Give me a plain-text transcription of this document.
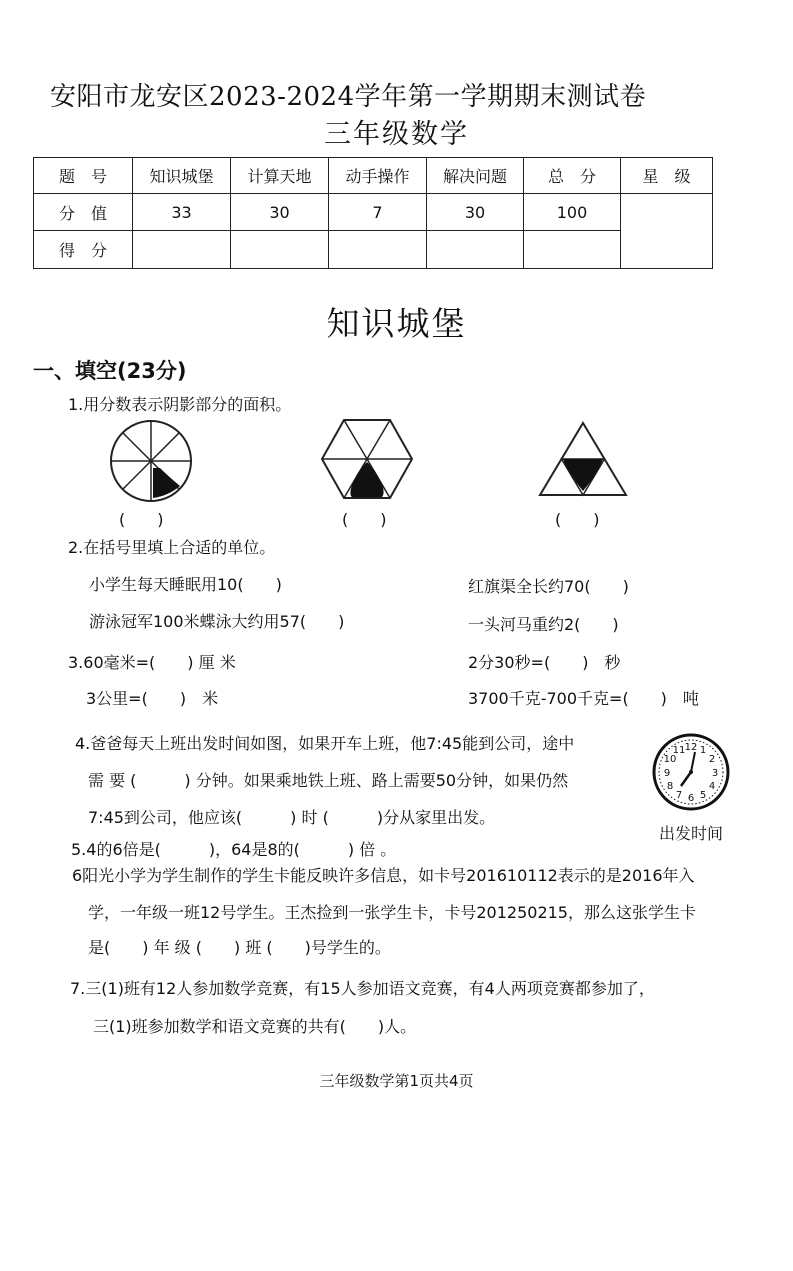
安阳市龙安区2023-2024学年第一学期期末测试卷
三年级数学
题　号	知识城堡	计算天地	动手操作	解决问题	总　分	星　级
分　值	33	30	7	30	100	
得　分						
知识城堡
一、填空(23分)
1.用分数表示阴影部分的面积。
(　　)	(　　)	(　　)
2.在括号里填上合适的单位。
小学生每天睡眠用10(　　)	红旗渠全长约70(　　)
游泳冠军100米蝶泳大约用57(　　)	一头河马重约2(　　)
3.60毫米=(　　) 厘 米	2分30秒=(　　)　秒
3公里=(　　)　米	3700千克-700千克=(　　)　吨
4.爸爸每天上班出发时间如图，如果开车上班，他7:45能到公司，途中
需 要 (　　　) 分钟。如果乘地铁上班、路上需要50分钟，如果仍然
7:45到公司，他应该(　　　) 时 (　　　)分从家里出发。
12 1
2
3
4
5
6
7
8
9
10
11
出发时间
5.4的6倍是(　　　)，64是8的(　　　) 倍 。
6阳光小学为学生制作的学生卡能反映许多信息，如卡号201610112表示的是2016年入
学，一年级一班12号学生。王杰捡到一张学生卡，卡号201250215，那么这张学生卡
是(　　) 年 级 (　　) 班 (　　)号学生的。
7.三(1)班有12人参加数学竞赛，有15人参加语文竞赛，有4人两项竞赛都参加了，
三(1)班参加数学和语文竞赛的共有(　　)人。
三年级数学第1页共4页
